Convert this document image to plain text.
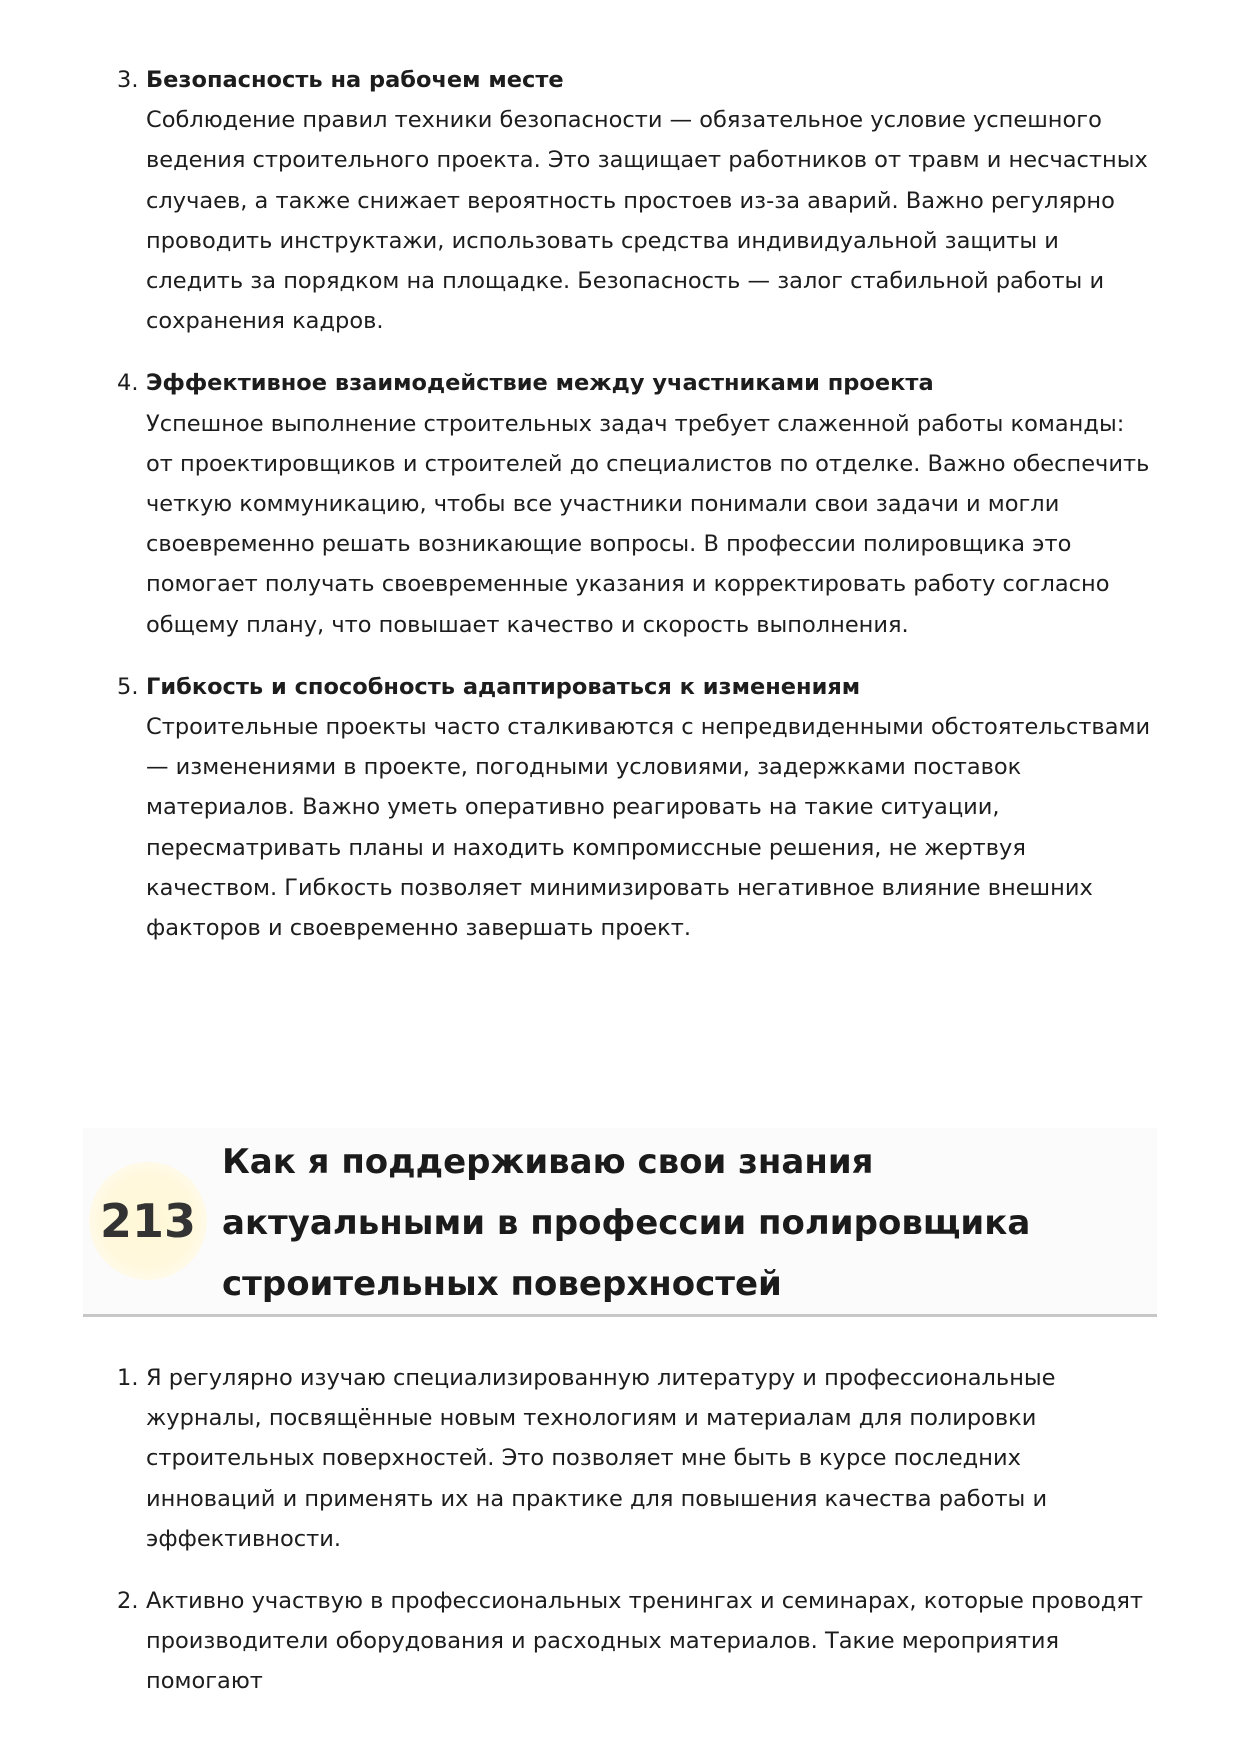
3. Безопасность на рабочем месте
Соблюдение правил техники безопасности — обязательное условие успешного ведения строительного проекта. Это защищает работников от травм и несчастных случаев, а также снижает вероятность простоев из-за аварий. Важно регулярно проводить инструктажи, использовать средства индивидуальной защиты и следить за порядком на площадке. Безопасность — залог стабильной работы и сохранения кадров.
4. Эффективное взаимодействие между участниками проекта
Успешное выполнение строительных задач требует слаженной работы команды: от проектировщиков и строителей до специалистов по отделке. Важно обеспечить четкую коммуникацию, чтобы все участники понимали свои задачи и могли своевременно решать возникающие вопросы. В профессии полировщика это помогает получать своевременные указания и корректировать работу согласно общему плану, что повышает качество и скорость выполнения.
5. Гибкость и способность адаптироваться к изменениям
Строительные проекты часто сталкиваются с непредвиденными обстоятельствами — изменениями в проекте, погодными условиями, задержками поставок материалов. Важно уметь оперативно реагировать на такие ситуации, пересматривать планы и находить компромиссные решения, не жертвуя качеством. Гибкость позволяет минимизировать негативное влияние внешних факторов и своевременно завершать проект.
213
Как я поддерживаю свои знания актуальными в профессии полировщика строительных поверхностей
1. Я регулярно изучаю специализированную литературу и профессиональные журналы, посвящённые новым технологиям и материалам для полировки строительных поверхностей. Это позволяет мне быть в курсе последних инноваций и применять их на практике для повышения качества работы и эффективности.
2. Активно участвую в профессиональных тренингах и семинарах, которые проводят производители оборудования и расходных материалов. Такие мероприятия помогают
